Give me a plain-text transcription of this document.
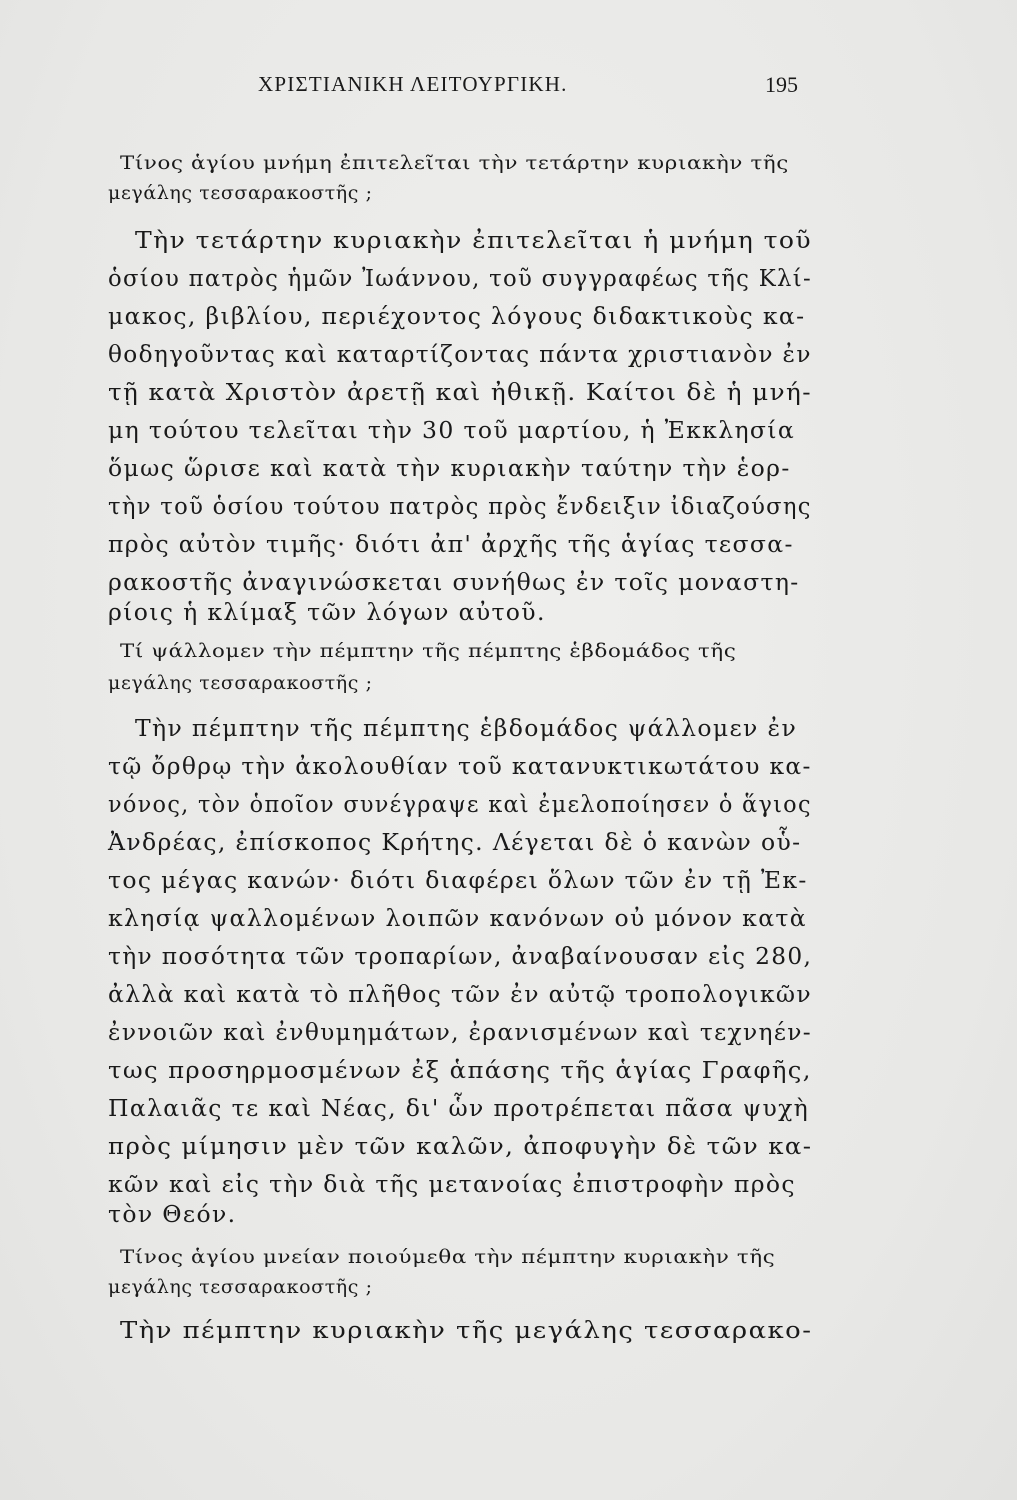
ΧΡΙΣΤΙΑΝΙΚΗ ΛΕΙΤΟΥΡΓΙΚΗ.	195
Τίνος ἁγίου μνήμη ἐπιτελεῖται τὴν τετάρτην κυριακὴν τῆς
μεγάλης τεσσαρακοστῆς ;
Τὴν τετάρτην κυριακὴν ἐπιτελεῖται ἡ μνήμη τοῦ
ὁσίου πατρὸς ἡμῶν Ἰωάννου, τοῦ συγγραφέως τῆς Κλί-
μακος, βιβλίου, περιέχοντος λόγους διδακτικοὺς κα-
θοδηγοῦντας καὶ καταρτίζοντας πάντα χριστιανὸν ἐν
τῇ κατὰ Χριστὸν ἀρετῇ καὶ ἠθικῇ. Καίτοι δὲ ἡ μνή-
μη τούτου τελεῖται τὴν 30 τοῦ μαρτίου, ἡ Ἐκκλησία
ὅμως ὥρισε καὶ κατὰ τὴν κυριακὴν ταύτην τὴν ἑορ-
τὴν τοῦ ὁσίου τούτου πατρὸς πρὸς ἔνδειξιν ἰδιαζούσης
πρὸς αὐτὸν τιμῆς· διότι ἀπ' ἀρχῆς τῆς ἁγίας τεσσα-
ρακοστῆς ἀναγινώσκεται συνήθως ἐν τοῖς μοναστη-
ρίοις ἡ κλίμαξ τῶν λόγων αὐτοῦ.
Τί ψάλλομεν τὴν πέμπτην τῆς πέμπτης ἑβδομάδος τῆς
μεγάλης τεσσαρακοστῆς ;
Τὴν πέμπτην τῆς πέμπτης ἑβδομάδος ψάλλομεν ἐν
τῷ ὄρθρῳ τὴν ἀκολουθίαν τοῦ κατανυκτικωτάτου κα-
νόνος, τὸν ὁποῖον συνέγραψε καὶ ἐμελοποίησεν ὁ ἅγιος
Ἀνδρέας, ἐπίσκοπος Κρήτης. Λέγεται δὲ ὁ κανὼν οὗ-
τος μέγας κανών· διότι διαφέρει ὅλων τῶν ἐν τῇ Ἐκ-
κλησίᾳ ψαλλομένων λοιπῶν κανόνων οὐ μόνον κατὰ
τὴν ποσότητα τῶν τροπαρίων, ἀναβαίνουσαν εἰς 280,
ἀλλὰ καὶ κατὰ τὸ πλῆθος τῶν ἐν αὐτῷ τροπολογικῶν
ἐννοιῶν καὶ ἐνθυμημάτων, ἐρανισμένων καὶ τεχνηέν-
τως προσηρμοσμένων ἐξ ἁπάσης τῆς ἁγίας Γραφῆς,
Παλαιᾶς τε καὶ Νέας, δι' ὧν προτρέπεται πᾶσα ψυχὴ
πρὸς μίμησιν μὲν τῶν καλῶν, ἀποφυγὴν δὲ τῶν κα-
κῶν καὶ εἰς τὴν διὰ τῆς μετανοίας ἐπιστροφὴν πρὸς
τὸν Θεόν.
Τίνος ἁγίου μνείαν ποιούμεθα τὴν πέμπτην κυριακὴν τῆς
μεγάλης τεσσαρακοστῆς ;
Τὴν πέμπτην κυριακὴν τῆς μεγάλης τεσσαρακο-
